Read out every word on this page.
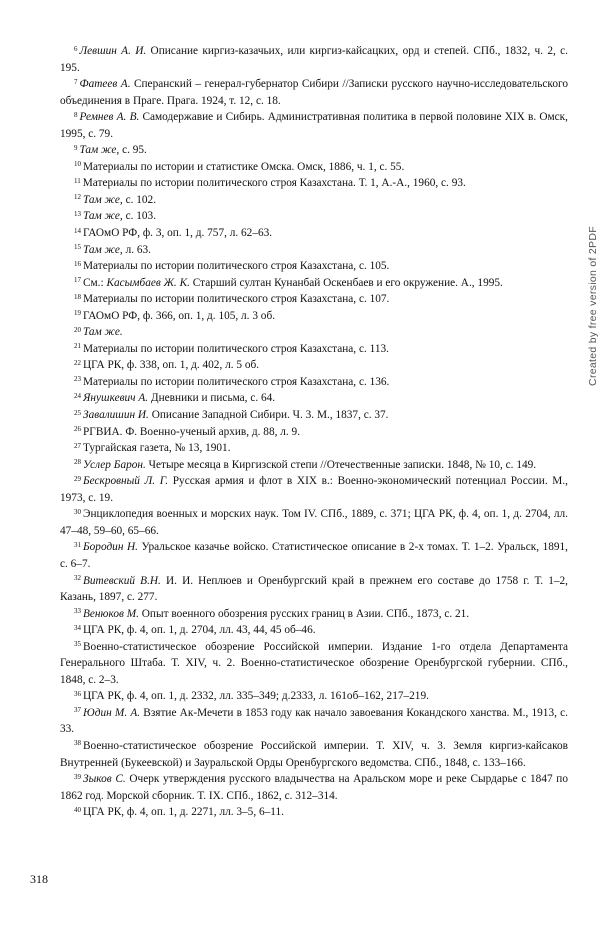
$^6$ Левшин А. И. Описание киргиз-казачьих, или киргиз-кайсацких, орд и степей. СПб., 1832, ч. 2, с. 195.

$^7$ Фатеев А. Сперанский – генерал-губернатор Сибири //Записки русского научно-исследовательского объединения в Праге. Прага. 1924, т. 12, с. 18.

$^8$ Ремнев А. В. Самодержавие и Сибирь. Административная политика в первой половине XIX в. Омск, 1995, с. 79.

$^9$ Там же, с. 95.

$^{10}$ Материалы по истории и статистике Омска. Омск, 1886, ч. 1, с. 55.

$^{11}$ Материалы по истории политического строя Казахстана. Т. 1, А.-А., 1960, с. 93.

$^{12}$ Там же, с. 102.

$^{13}$ Там же, с. 103.

$^{14}$ ГАОмО РФ, ф. 3, оп. 1, д. 757, л. 62–63.

$^{15}$ Там же, л. 63.

$^{16}$ Материалы по истории политического строя Казахстана, с. 105.

$^{17}$ См.: Касымбаев Ж. К. Старший султан Кунанбай Оскенбаев и его окружение. А., 1995.

$^{18}$ Материалы по истории политического строя Казахстана, с. 107.

$^{19}$ ГАОмО РФ, ф. 366, оп. 1, д. 105, л. 3 об.

$^{20}$ Там же.

$^{21}$ Материалы по истории политического строя Казахстана, с. 113.

$^{22}$ ЦГА РК, ф. 338, оп. 1, д. 402, л. 5 об.

$^{23}$ Материалы по истории политического строя Казахстана, с. 136.

$^{24}$ Янушкевич А. Дневники и письма, с. 64.

$^{25}$ Завалишин И. Описание Западной Сибири. Ч. 3. М., 1837, с. 37.

$^{26}$ РГВИА. Ф. Военно-ученый архив, д. 88, л. 9.

$^{27}$ Тургайская газета, № 13, 1901.

$^{28}$ Услер Барон. Четыре месяца в Киргизской степи //Отечественные записки. 1848, № 10, с. 149.

$^{29}$ Бескровный Л. Г. Русская армия и флот в XIX в.: Военно-экономический потенциал России. М., 1973, с. 19.

$^{30}$ Энциклопедия военных и морских наук. Том IV. СПб., 1889, с. 371; ЦГА РК, ф. 4, оп. 1, д. 2704, лл. 47–48, 59–60, 65–66.

$^{31}$ Бородин Н. Уральское казачье войско. Статистическое описание в 2-х томах. Т. 1–2. Уральск, 1891, с. 6–7.

$^{32}$ Витевский В.Н. И. И. Неплюев и Оренбургский край в прежнем его составе до 1758 г. Т. 1–2, Казань, 1897, с. 277.

$^{33}$ Венюков М. Опыт военного обозрения русских границ в Азии. СПб., 1873, с. 21.

$^{34}$ ЦГА РК, ф. 4, оп. 1, д. 2704, лл. 43, 44, 45 об–46.

$^{35}$ Военно-статистическое обозрение Российской империи. Издание 1-го отдела Департамента Генерального Штаба. Т. XIV, ч. 2. Военно-статистическое обозрение Оренбургской губернии. СПб., 1848, с. 2–3.

$^{36}$ ЦГА РК, ф. 4, оп. 1, д. 2332, лл. 335–349; д.2333, л. 161об–162, 217–219.

$^{37}$ Юдин М. А. Взятие Ак-Мечети в 1853 году как начало завоевания Кокандского ханства. М., 1913, с. 33.

$^{38}$ Военно-статистическое обозрение Российской империи. Т. XIV, ч. 3. Земля киргиз-кайсаков Внутренней (Букеевской) и Зауральской Орды Оренбургского ведомства. СПб., 1848, с. 133–166.

$^{39}$ Зыков С. Очерк утверждения русского владычества на Аральском море и реке Сырдарье с 1847 по 1862 год. Морской сборник. Т. IX. СПб., 1862, с. 312–314.

$^{40}$ ЦГА РК, ф. 4, оп. 1, д. 2271, лл. 3–5, 6–11.

318
Created by free version of 2PDF
